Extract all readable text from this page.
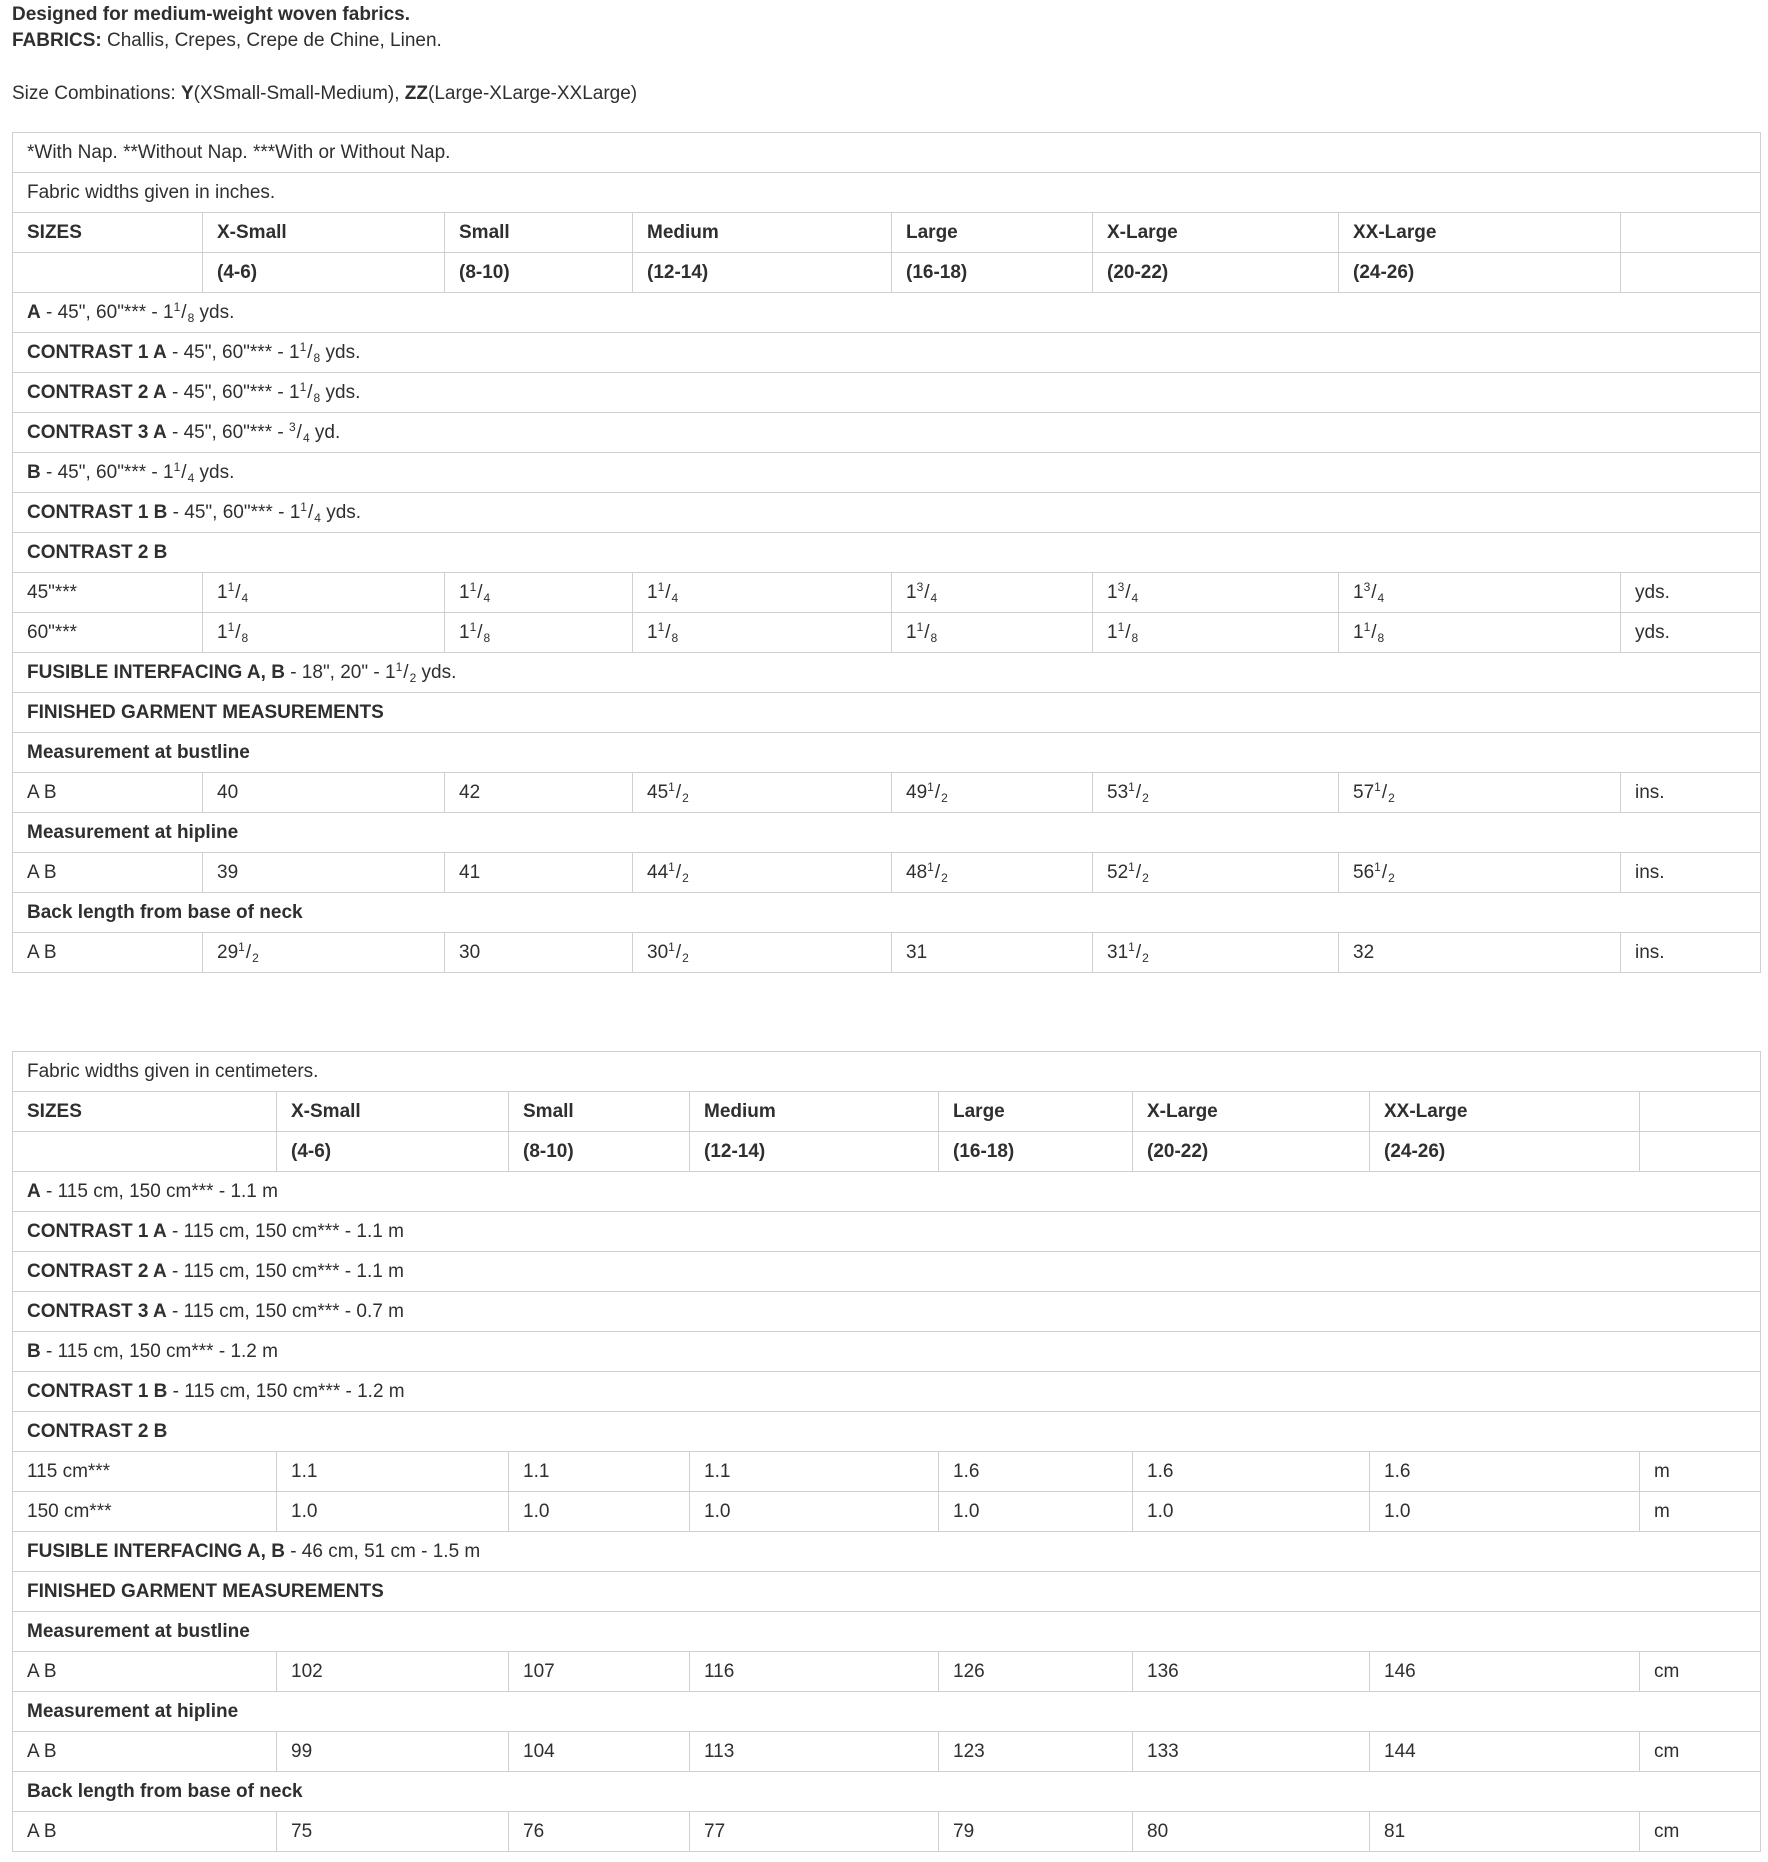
Designed for medium-weight woven fabrics.
FABRICS: Challis, Crepes, Crepe de Chine, Linen.
Size Combinations: Y(XSmall-Small-Medium), ZZ(Large-XLarge-XXLarge)
*With Nap. **Without Nap. ***With or Without Nap.							
Fabric widths given in inches.							
SIZES	X-Small	Small	Medium	Large	X-Large	XX-Large	
	(4-6)	(8-10)	(12-14)	(16-18)	(20-22)	(24-26)	
A - 45", 60"*** - $1^1/_8$ yds.							
CONTRAST 1 A - 45", 60"*** - $1^1/_8$ yds.							
CONTRAST 2 A - 45", 60"*** - $1^1/_8$ yds.							
CONTRAST 3 A - 45", 60"*** - $^3/_4$ yd.							
B - 45", 60"*** - $1^1/_4$ yds.							
CONTRAST 1 B - 45", 60"*** - $1^1/_4$ yds.							
CONTRAST 2 B							
45"***	$1^1/_4$	$1^1/_4$	$1^1/_4$	$1^3/_4$	$1^3/_4$	$1^3/_4$	yds.
60"***	$1^1/_8$	$1^1/_8$	$1^1/_8$	$1^1/_8$	$1^1/_8$	$1^1/_8$	yds.
FUSIBLE INTERFACING A, B - 18", 20" - $1^1/_2$ yds.							
FINISHED GARMENT MEASUREMENTS							
Measurement at bustline							
A B	40	42	$45^1/_2$	$49^1/_2$	$53^1/_2$	$57^1/_2$	ins.
Measurement at hipline							
A B	39	41	$44^1/_2$	$48^1/_2$	$52^1/_2$	$56^1/_2$	ins.
Back length from base of neck							
A B	$29^1/_2$	30	$30^1/_2$	31	$31^1/_2$	32	ins.
Fabric widths given in centimeters.							
SIZES	X-Small	Small	Medium	Large	X-Large	XX-Large	
	(4-6)	(8-10)	(12-14)	(16-18)	(20-22)	(24-26)	
A - 115 cm, 150 cm*** - 1.1 m							
CONTRAST 1 A - 115 cm, 150 cm*** - 1.1 m							
CONTRAST 2 A - 115 cm, 150 cm*** - 1.1 m							
CONTRAST 3 A - 115 cm, 150 cm*** - 0.7 m							
B - 115 cm, 150 cm*** - 1.2 m							
CONTRAST 1 B - 115 cm, 150 cm*** - 1.2 m							
CONTRAST 2 B							
115 cm***	1.1	1.1	1.1	1.6	1.6	1.6	m
150 cm***	1.0	1.0	1.0	1.0	1.0	1.0	m
FUSIBLE INTERFACING A, B - 46 cm, 51 cm - 1.5 m							
FINISHED GARMENT MEASUREMENTS							
Measurement at bustline							
A B	102	107	116	126	136	146	cm
Measurement at hipline							
A B	99	104	113	123	133	144	cm
Back length from base of neck							
A B	75	76	77	79	80	81	cm
